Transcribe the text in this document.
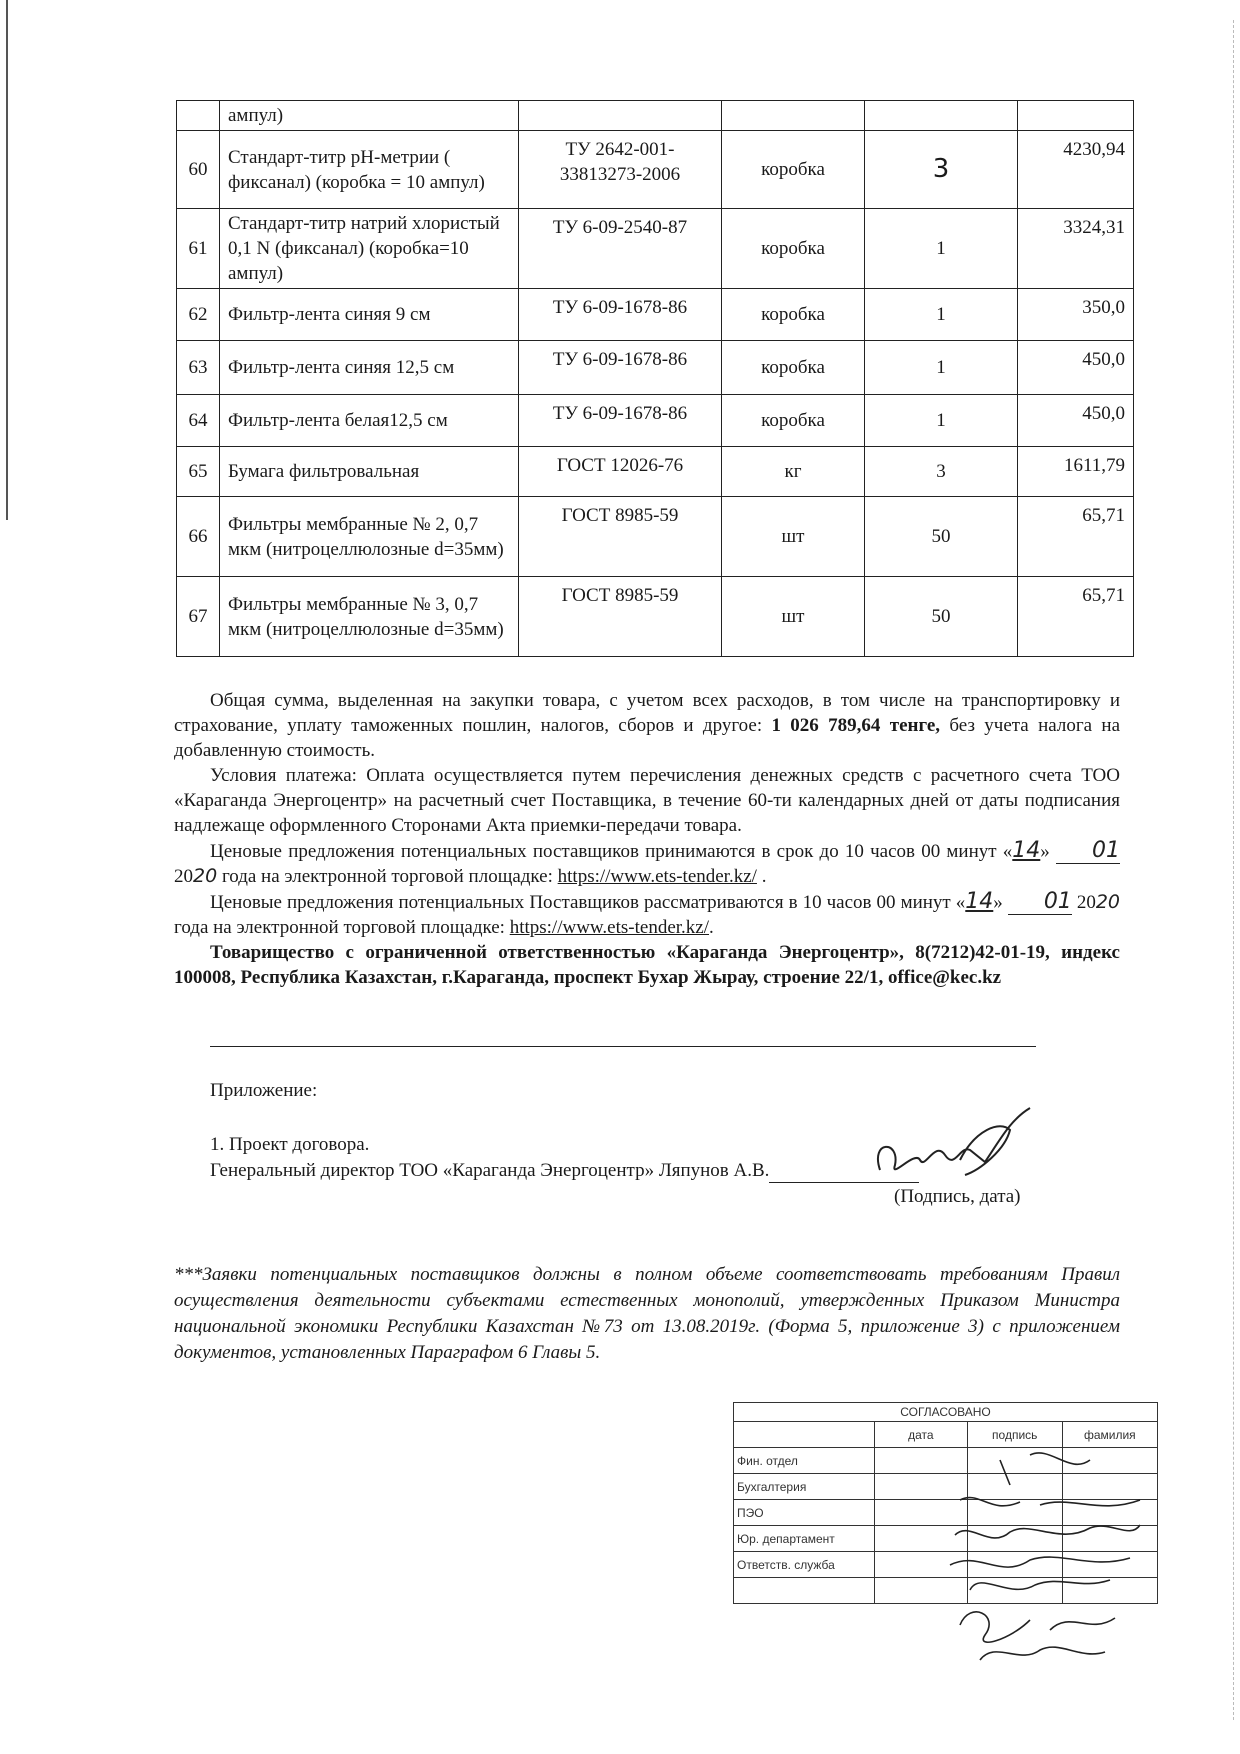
	ампул)				
60	Стандарт-титр рН-метрии ( фиксанал) (коробка = 10 ампул)	ТУ 2642-001-33813273-2006	коробка	3	4230,94
61	Стандарт-титр натрий хлористый 0,1 N (фиксанал) (коробка=10 ампул)	ТУ 6-09-2540-87	коробка	1	3324,31
62	Фильтр-лента синяя 9 см	ТУ 6-09-1678-86	коробка	1	350,0
63	Фильтр-лента синяя 12,5 см	ТУ 6-09-1678-86	коробка	1	450,0
64	Фильтр-лента белая12,5 см	ТУ 6-09-1678-86	коробка	1	450,0
65	Бумага фильтровальная	ГОСТ 12026-76	кг	3	1611,79
66	Фильтры мембранные № 2, 0,7 мкм (нитроцеллюлозные d=35мм)	ГОСТ 8985-59	шт	50	65,71
67	Фильтры мембранные № 3, 0,7 мкм (нитроцеллюлозные d=35мм)	ГОСТ 8985-59	шт	50	65,71
Общая сумма, выделенная на закупки товара, с учетом всех расходов, в том числе на транспортировку и страхование, уплату таможенных пошлин, налогов, сборов и другое: 1 026 789,64 тенге, без учета налога на добавленную стоимость.
Условия платежа: Оплата осуществляется путем перечисления денежных средств с расчетного счета ТОО «Караганда Энергоцентр» на расчетный счет Поставщика, в течение 60-ти календарных дней от даты подписания надлежаще оформленного Сторонами Акта приемки-передачи товара.
Ценовые предложения потенциальных поставщиков принимаются в срок до 10 часов 00 минут «14» 01 2020 года на электронной торговой площадке: https://www.ets-tender.kz/ .
Ценовые предложения потенциальных Поставщиков рассматриваются в 10 часов 00 минут «14» 01 2020 года на электронной торговой площадке: https://www.ets-tender.kz/.
Товарищество с ограниченной ответственностью «Караганда Энергоцентр», 8(7212)42-01-19, индекс 100008, Республика Казахстан, г.Караганда, проспект Бухар Жырау, строение 22/1, office@kec.kz
Приложение:
1. Проект договора.
Генеральный директор ТОО «Караганда Энергоцентр» Ляпунов А.В.
(Подпись, дата)
***Заявки потенциальных поставщиков должны в полном объеме соответствовать требованиям Правил осуществления деятельности субъектами естественных монополий, утвержденных Приказом Министра национальной экономики Республики Казахстан №73 от 13.08.2019г. (Форма 5, приложение 3) с приложением документов, установленных Параграфом 6 Главы 5.
СОГЛАСОВАНО			
	дата	подпись	фамилия
Фин. отдел			
Бухгалтерия			
ПЭО			
Юр. департамент			
Ответств. служба			
